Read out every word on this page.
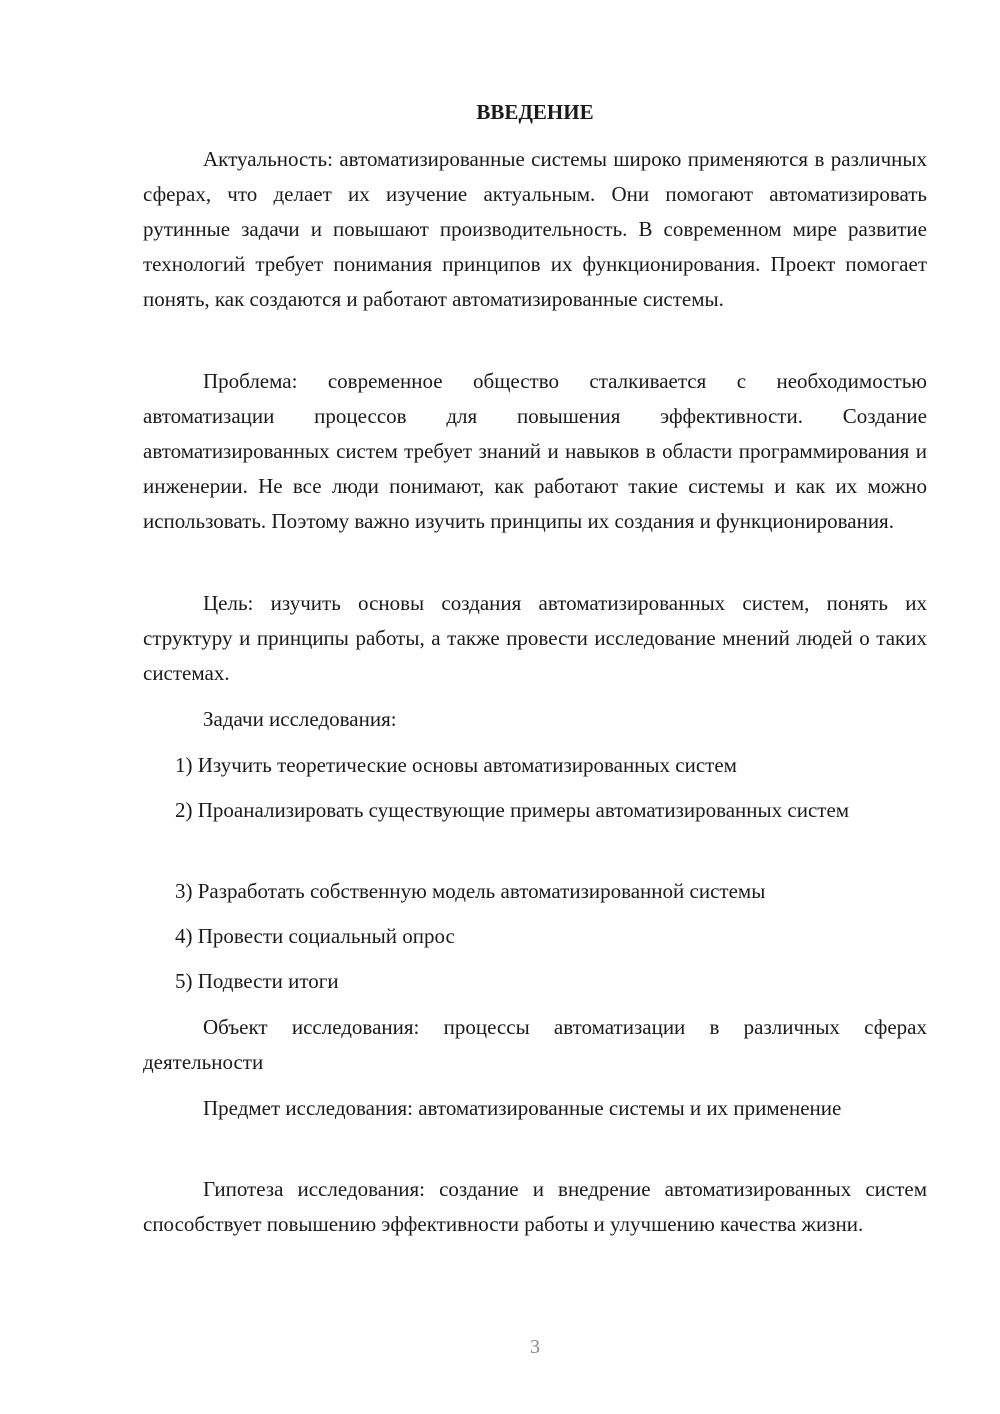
ВВЕДЕНИЕ

Актуальность: автоматизированные системы широко применяются в различных сферах, что делает их изучение актуальным. Они помогают автоматизировать рутинные задачи и повышают производительность. В современном мире развитие технологий требует понимания принципов их функционирования. Проект помогает понять, как создаются и работают автоматизированные системы.

Проблема: современное общество сталкивается с необходимостью автоматизации процессов для повышения эффективности. Создание автоматизированных систем требует знаний и навыков в области программирования и инженерии. Не все люди понимают, как работают такие системы и как их можно использовать. Поэтому важно изучить принципы их создания и функционирования.

Цель: изучить основы создания автоматизированных систем, понять их структуру и принципы работы, а также провести исследование мнений людей о таких системах.

Задачи исследования:

1) Изучить теоретические основы автоматизированных систем

2) Проанализировать существующие примеры автоматизированных систем

3) Разработать собственную модель автоматизированной системы

4) Провести социальный опрос

5) Подвести итоги

Объект исследования: процессы автоматизации в различных сферах деятельности

Предмет исследования: автоматизированные системы и их применение

Гипотеза исследования: создание и внедрение автоматизированных систем способствует повышению эффективности работы и улучшению качества жизни.

3
